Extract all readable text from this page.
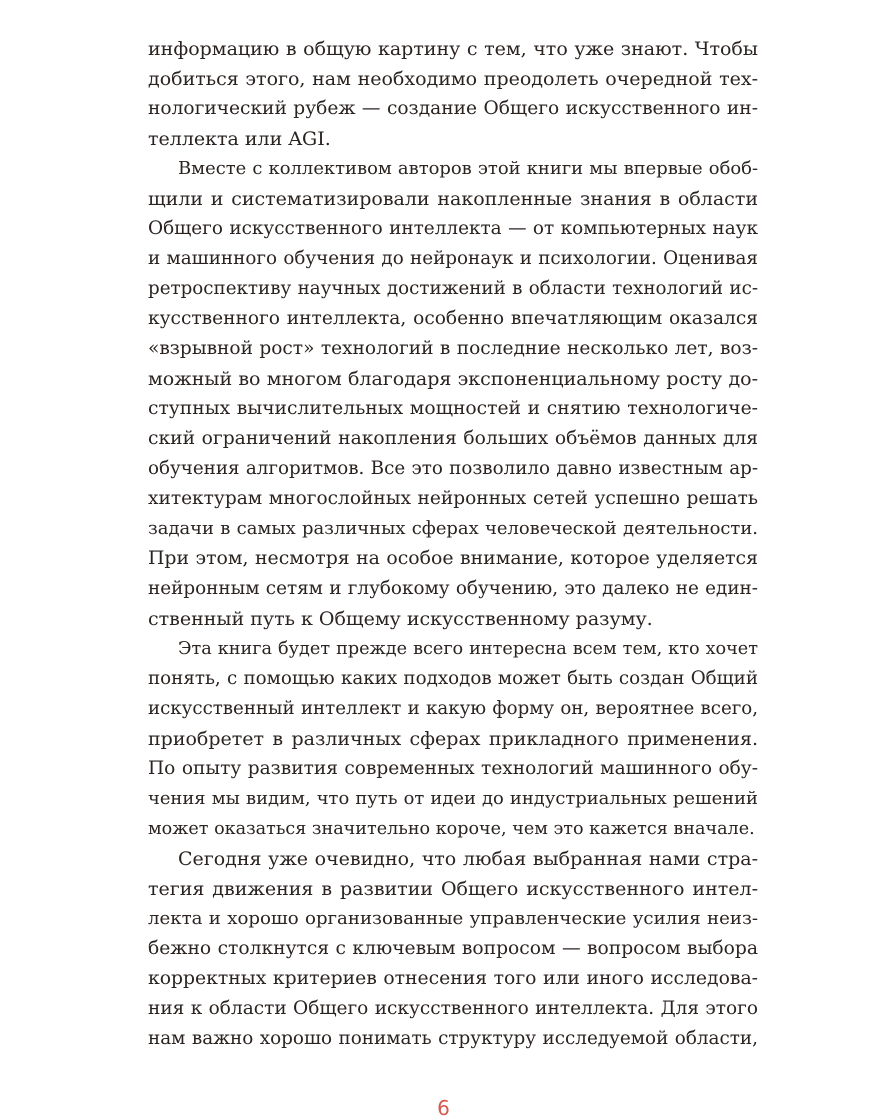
информацию в общую картину с тем, что уже знают. Чтобы
добиться этого, нам необходимо преодолеть очередной тех-
нологический рубеж — создание Общего искусственного ин-
теллекта или AGI.
Вместе с коллективом авторов этой книги мы впервые обоб-
щили и систематизировали накопленные знания в области
Общего искусственного интеллекта — от компьютерных наук
и машинного обучения до нейронаук и психологии. Оценивая
ретроспективу научных достижений в области технологий ис-
кусственного интеллекта, особенно впечатляющим оказался
«взрывной рост» технологий в последние несколько лет, воз-
можный во многом благодаря экспоненциальному росту до-
ступных вычислительных мощностей и снятию технологиче-
ский ограничений накопления больших объёмов данных для
обучения алгоритмов. Все это позволило давно известным ар-
хитектурам многослойных нейронных сетей успешно решать
задачи в самых различных сферах человеческой деятельности.
При этом, несмотря на особое внимание, которое уделяется
нейронным сетям и глубокому обучению, это далеко не един-
ственный путь к Общему искусственному разуму.
Эта книга будет прежде всего интересна всем тем, кто хочет
понять, с помощью каких подходов может быть создан Общий
искусственный интеллект и какую форму он, вероятнее всего,
приобретет в различных сферах прикладного применения.
По опыту развития современных технологий машинного обу-
чения мы видим, что путь от идеи до индустриальных решений
может оказаться значительно короче, чем это кажется вначале.
Сегодня уже очевидно, что любая выбранная нами стра-
тегия движения в развитии Общего искусственного интел-
лекта и хорошо организованные управленческие усилия неиз-
бежно столкнутся с ключевым вопросом — вопросом выбора
корректных критериев отнесения того или иного исследова-
ния к области Общего искусственного интеллекта. Для этого
нам важно хорошо понимать структуру исследуемой области,
6
